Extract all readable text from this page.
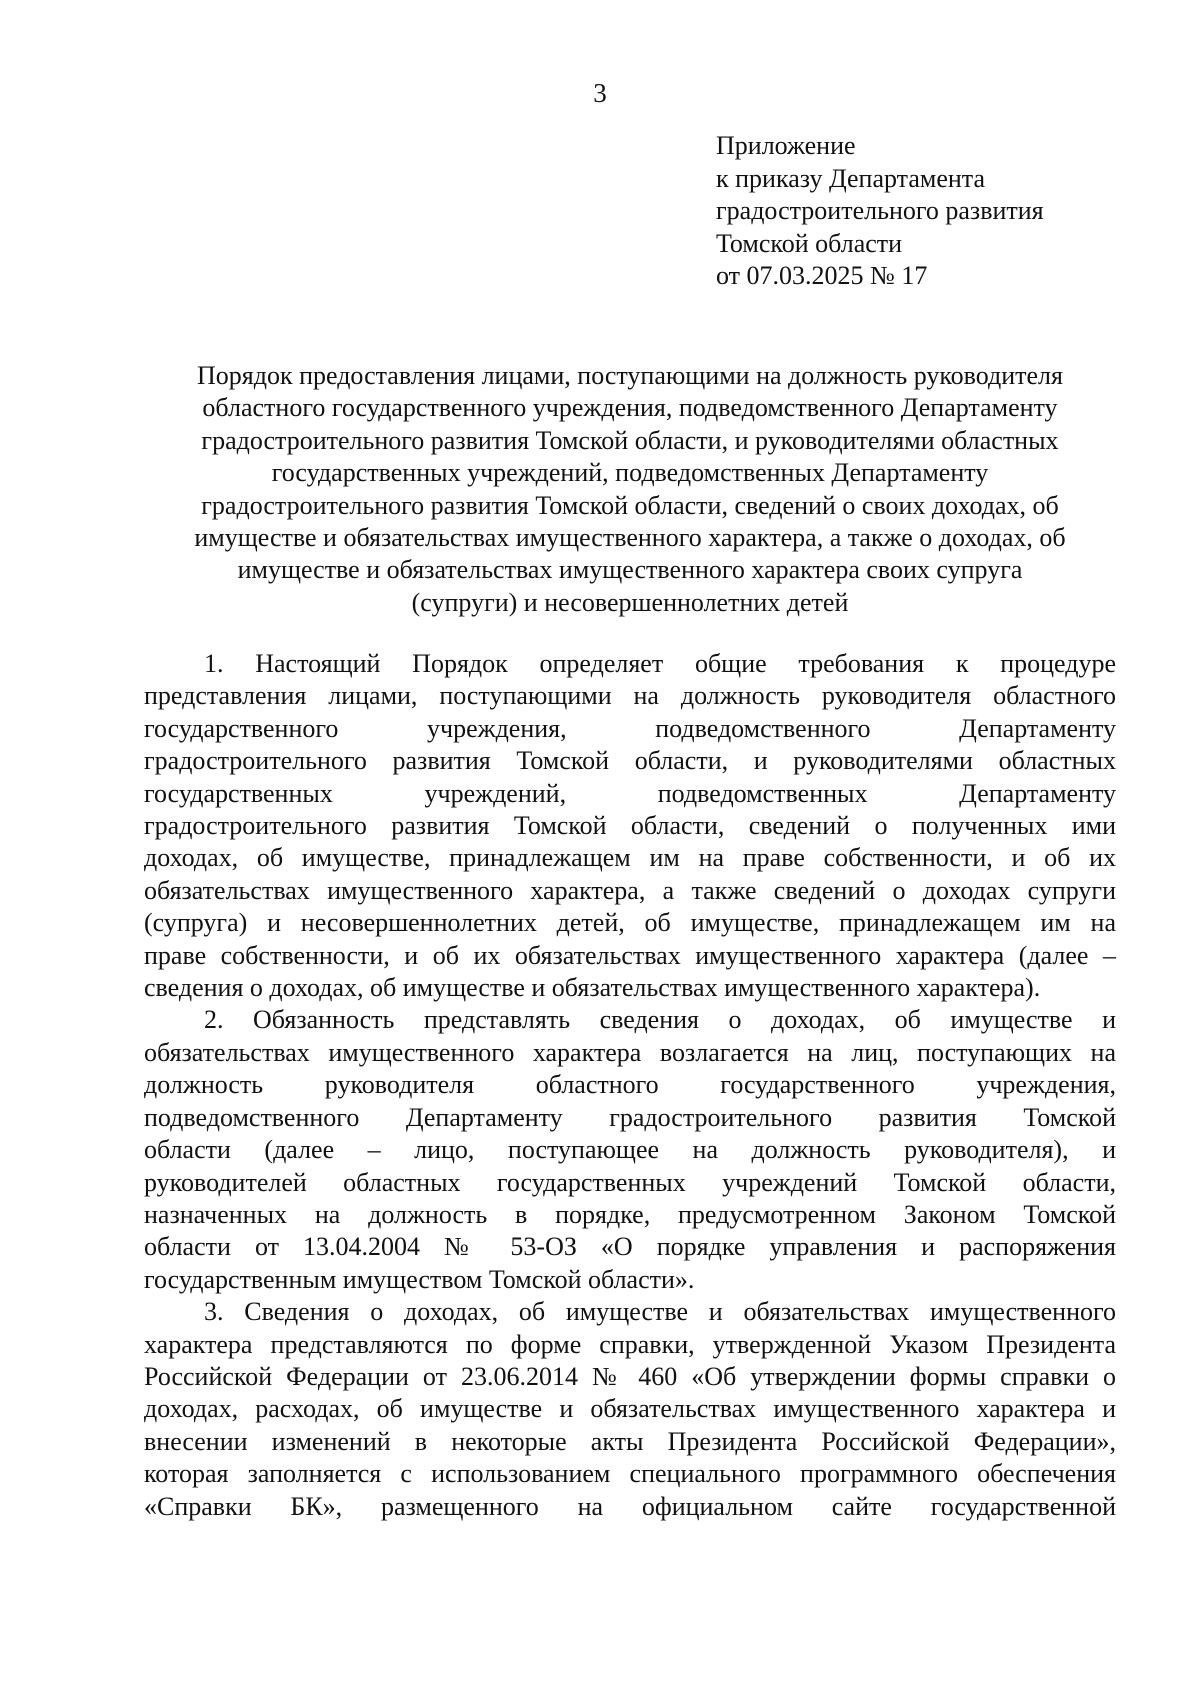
3
Приложение
к приказу Департамента
градостроительного развития
Томской области
от 07.03.2025 № 17
Порядок предоставления лицами, поступающими на должность руководителя
областного государственного учреждения, подведомственного Департаменту
градостроительного развития Томской области, и руководителями областных
государственных учреждений, подведомственных Департаменту
градостроительного развития Томской области, сведений о своих доходах, об
имуществе и обязательствах имущественного характера, а также о доходах, об
имуществе и обязательствах имущественного характера своих супруга
(супруги) и несовершеннолетних детей
1. Настоящий Порядок определяет общие требования к процедуре
представления лицами, поступающими на должность руководителя областного
государственного учреждения, подведомственного Департаменту
градостроительного развития Томской области, и руководителями областных
государственных учреждений, подведомственных Департаменту
градостроительного развития Томской области, сведений о полученных ими
доходах, об имуществе, принадлежащем им на праве собственности, и об их
обязательствах имущественного характера, а также сведений о доходах супруги
(супруга) и несовершеннолетних детей, об имуществе, принадлежащем им на
праве собственности, и об их обязательствах имущественного характера (далее –
сведения о доходах, об имуществе и обязательствах имущественного характера).
2. Обязанность представлять сведения о доходах, об имуществе и
обязательствах имущественного характера возлагается на лиц, поступающих на
должность руководителя областного государственного учреждения,
подведомственного Департаменту градостроительного развития Томской
области (далее – лицо, поступающее на должность руководителя), и
руководителей областных государственных учреждений Томской области,
назначенных на должность в порядке, предусмотренном Законом Томской
области от 13.04.2004 № 53-ОЗ «О порядке управления и распоряжения
государственным имуществом Томской области».
3. Сведения о доходах, об имуществе и обязательствах имущественного
характера представляются по форме справки, утвержденной Указом Президента
Российской Федерации от 23.06.2014 № 460 «Об утверждении формы справки о
доходах, расходах, об имуществе и обязательствах имущественного характера и
внесении изменений в некоторые акты Президента Российской Федерации»,
которая заполняется с использованием специального программного обеспечения
«Справки БК», размещенного на официальном сайте государственной
